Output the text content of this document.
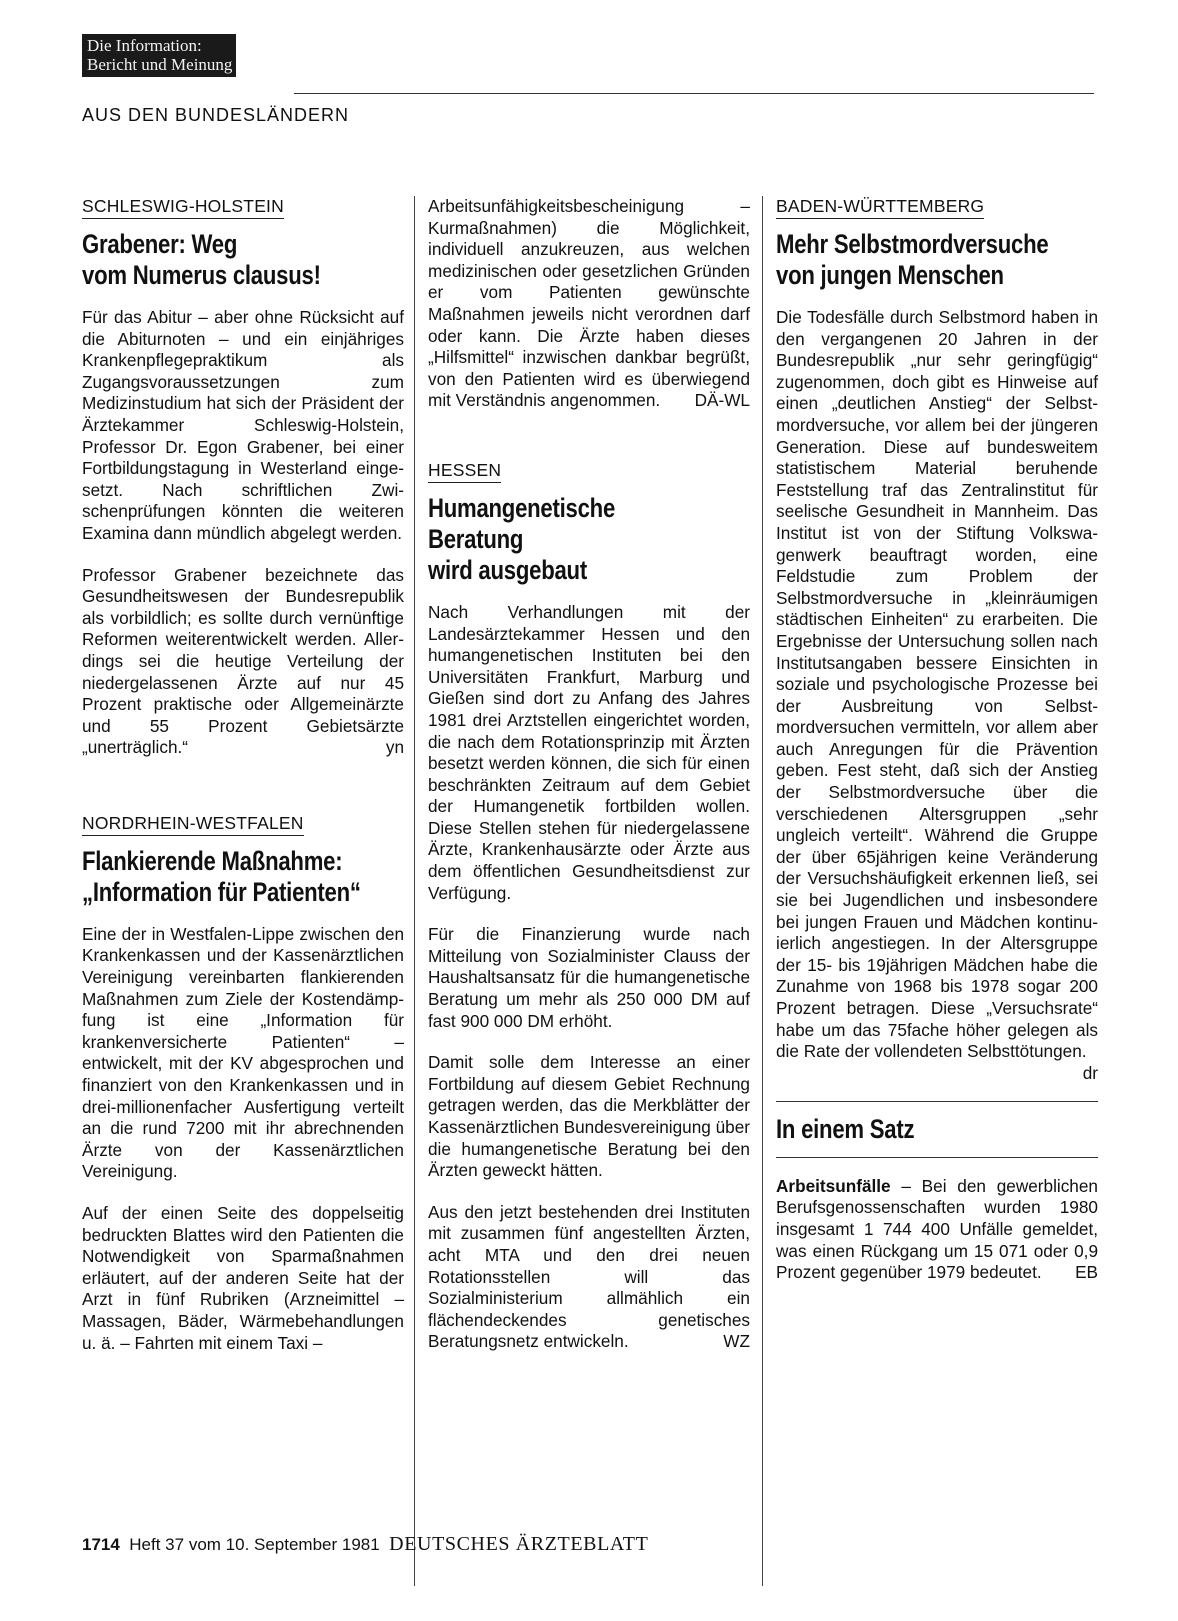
Die Information:
Bericht und Meinung
AUS DEN BUNDESLÄNDERN
SCHLESWIG-HOLSTEIN
Grabener: Weg
vom Numerus clausus!

Für das Abitur – aber ohne Rücksicht auf die Abiturnoten – und ein einjähriges Krankenpflegepraktikum als Zugangsvoraussetzungen zum Medizinstudium hat sich der Präsident der Ärztekammer Schleswig-Holstein, Professor Dr. Egon Grabener, bei einer Fortbildungstagung in Westerland eingesetzt. Nach schriftlichen Zwischenprüfungen könnten die weiteren Examina dann mündlich abgelegt werden.

Professor Grabener bezeichnete das Gesundheitswesen der Bundesrepublik als vorbildlich; es sollte durch vernünftige Reformen weiterentwickelt werden. Allerdings sei die heutige Verteilung der niedergelassenen Ärzte auf nur 45 Prozent praktische oder Allgemeinärzte und 55 Prozent Gebietsärzte „unerträglich.“	yn

NORDRHEIN-WESTFALEN
Flankierende Maßnahme:
„Information für Patienten“

Eine der in Westfalen-Lippe zwischen den Krankenkassen und der Kassenärztlichen Vereinigung vereinbarten flankierenden Maßnahmen zum Ziele der Kostendämpfung ist eine „Information für krankenversicherte Patienten“ – entwickelt, mit der KV abgesprochen und finanziert von den Krankenkassen und in drei-millionenfacher Ausfertigung verteilt an die rund 7200 mit ihr abrechnenden Ärzte von der Kassenärztlichen Vereinigung.

Auf der einen Seite des doppelseitig bedruckten Blattes wird den Patienten die Notwendigkeit von Sparmaßnahmen erläutert, auf der anderen Seite hat der Arzt in fünf Rubriken (Arzneimittel – Massagen, Bäder, Wärmebehandlungen u. ä. – Fahrten mit einem Taxi –

Arbeitsunfähigkeitsbescheinigung – Kurmaßnahmen) die Möglichkeit, individuell anzukreuzen, aus welchen medizinischen oder gesetzlichen Gründen er vom Patienten gewünschte Maßnahmen jeweils nicht verordnen darf oder kann. Die Ärzte haben dieses „Hilfsmittel“ inzwischen dankbar begrüßt, von den Patienten wird es überwiegend mit Verständnis angenommen. DÄ-WL

HESSEN
Humangenetische
Beratung
wird ausgebaut

Nach Verhandlungen mit der Landesärztekammer Hessen und den humangenetischen Instituten bei den Universitäten Frankfurt, Marburg und Gießen sind dort zu Anfang des Jahres 1981 drei Arztstellen eingerichtet worden, die nach dem Rotationsprinzip mit Ärzten besetzt werden können, die sich für einen beschränkten Zeitraum auf dem Gebiet der Humangenetik fortbilden wollen. Diese Stellen stehen für niedergelassene Ärzte, Krankenhausärzte oder Ärzte aus dem öffentlichen Gesundheitsdienst zur Verfügung.

Für die Finanzierung wurde nach Mitteilung von Sozialminister Clauss der Haushaltsansatz für die humangenetische Beratung um mehr als 250 000 DM auf fast 900 000 DM erhöht.

Damit solle dem Interesse an einer Fortbildung auf diesem Gebiet Rechnung getragen werden, das die Merkblätter der Kassenärztlichen Bundesvereinigung über die humangenetische Beratung bei den Ärzten geweckt hätten.

Aus den jetzt bestehenden drei Instituten mit zusammen fünf angestellten Ärzten, acht MTA und den drei neuen Rotationsstellen will das Sozialministerium allmählich ein flächendeckendes genetisches Beratungsnetz entwickeln.	WZ

BADEN-WÜRTTEMBERG
Mehr Selbstmordversuche
von jungen Menschen

Die Todesfälle durch Selbstmord haben in den vergangenen 20 Jahren in der Bundesrepublik „nur sehr geringfügig“ zugenommen, doch gibt es Hinweise auf einen „deutlichen Anstieg“ der Selbstmordversuche, vor allem bei der jüngeren Generation. Diese auf bundesweitem statistischem Material beruhende Feststellung traf das Zentralinstitut für seelische Gesundheit in Mannheim. Das Institut ist von der Stiftung Volkswagenwerk beauftragt worden, eine Feldstudie zum Problem der Selbstmordversuche in „kleinräumigen städtischen Einheiten“ zu erarbeiten. Die Ergebnisse der Untersuchung sollen nach Institutsangaben bessere Einsichten in soziale und psychologische Prozesse bei der Ausbreitung von Selbstmordversuchen vermitteln, vor allem aber auch Anregungen für die Prävention geben. Fest steht, daß sich der Anstieg der Selbstmordversuche über die verschiedenen Altersgruppen „sehr ungleich verteilt“. Während die Gruppe der über 65jährigen keine Veränderung der Versuchshäufigkeit erkennen ließ, sei sie bei Jugendlichen und insbesondere bei jungen Frauen und Mädchen kontinuierlich angestiegen. In der Altersgruppe der 15- bis 19jährigen Mädchen habe die Zunahme von 1968 bis 1978 sogar 200 Prozent betragen. Diese „Versuchsrate“ habe um das 75fache höher gelegen als die Rate der vollendeten Selbsttötungen.
dr

In einem Satz

Arbeitsunfälle – Bei den gewerblichen Berufsgenossenschaften wurden 1980 insgesamt 1 744 400 Unfälle gemeldet, was einen Rückgang um 15 071 oder 0,9 Prozent gegenüber 1979 bedeutet. EB

1714 Heft 37 vom 10. September 1981 DEUTSCHES ÄRZTEBLATT
